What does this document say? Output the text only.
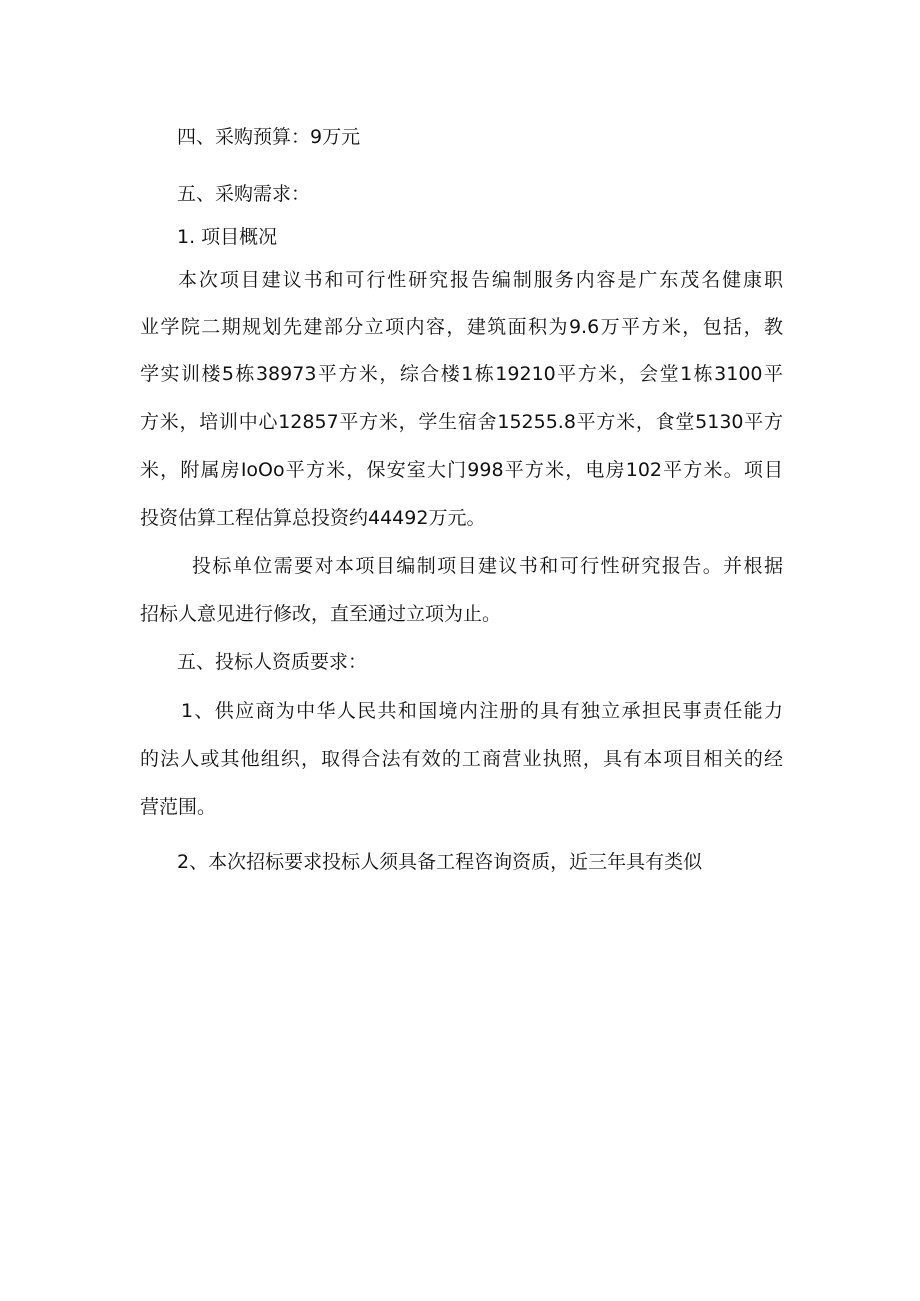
四、采购预算：9万元
五、采购需求：
1. 项目概况
本次项目建议书和可行性研究报告编制服务内容是广东茂名健康职
业学院二期规划先建部分立项内容，建筑面积为9.6万平方米，包括，教
学实训楼5栋38973平方米，综合楼1栋19210平方米，会堂1栋3100平
方米，培训中心12857平方米，学生宿舍15255.8平方米，食堂5130平方
米，附属房IoOo平方米，保安室大门998平方米，电房102平方米。项目
投资估算工程估算总投资约44492万元。
投标单位需要对本项目编制项目建议书和可行性研究报告。并根据
招标人意见进行修改，直至通过立项为止。
五、投标人资质要求：
1、供应商为中华人民共和国境内注册的具有独立承担民事责任能力
的法人或其他组织，取得合法有效的工商营业执照，具有本项目相关的经
营范围。
2、本次招标要求投标人须具备工程咨询资质，近三年具有类似
